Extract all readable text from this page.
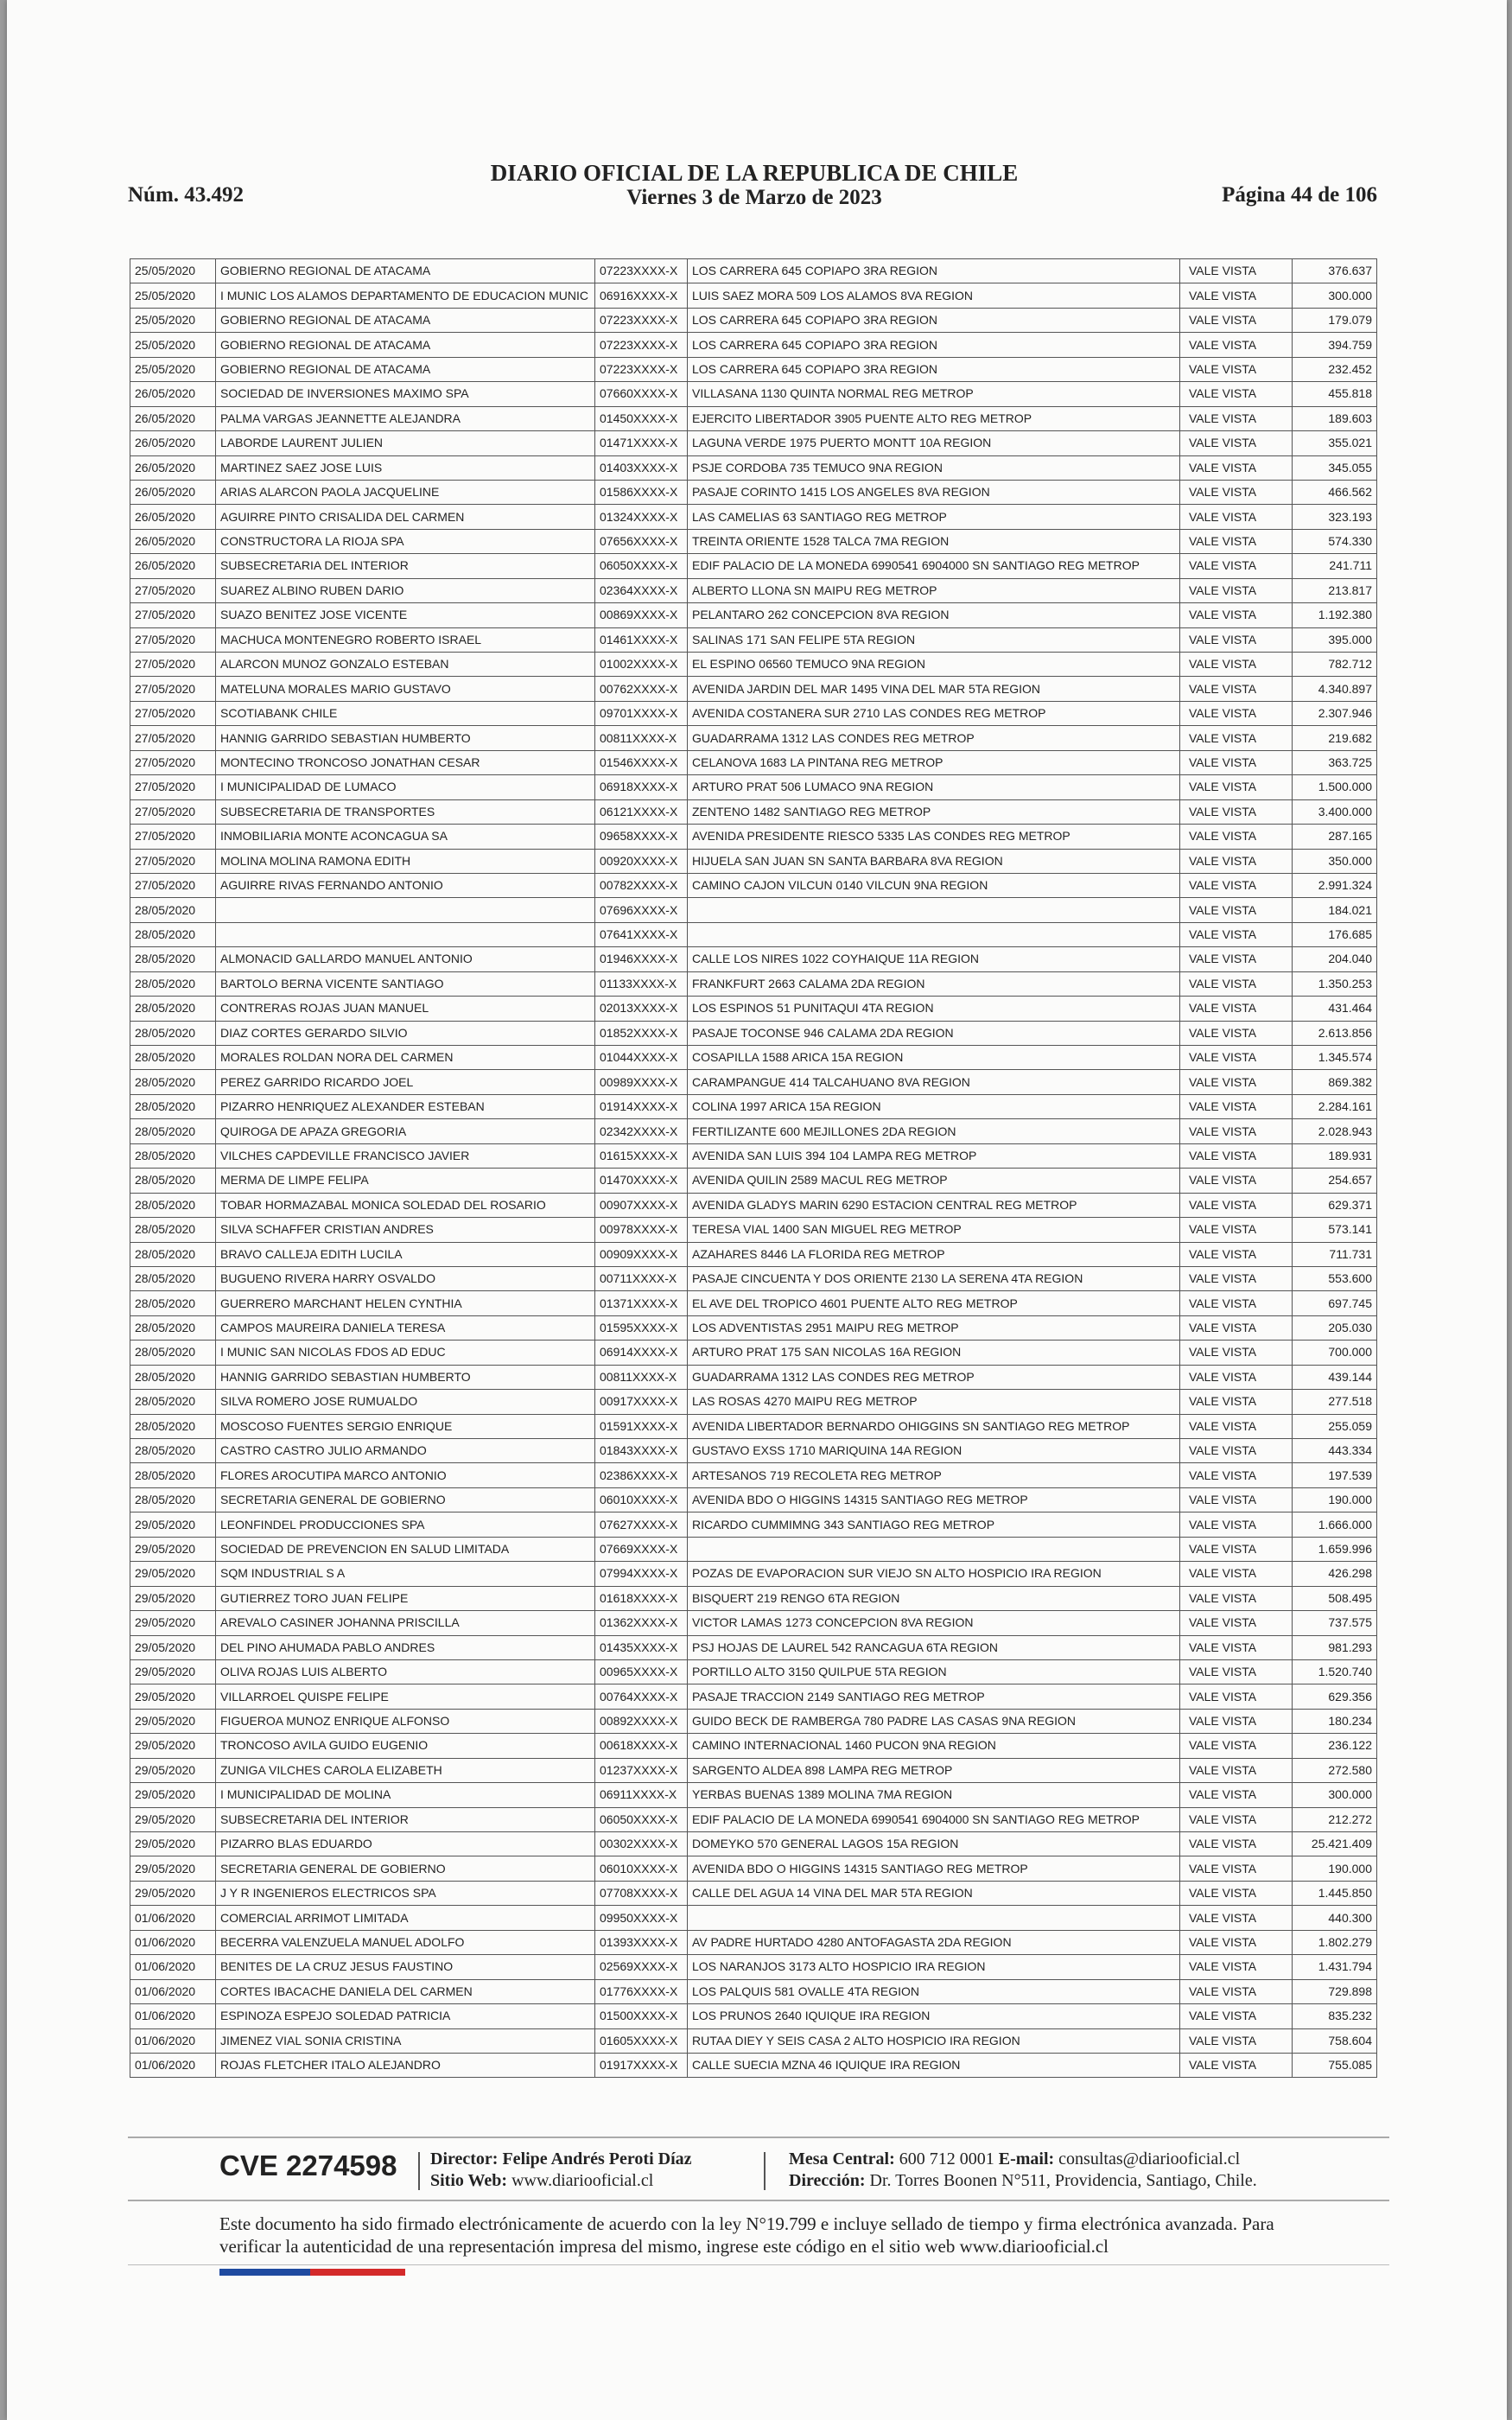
Núm. 43.492
DIARIO OFICIAL DE LA REPUBLICA DE CHILE
Viernes 3 de Marzo de 2023	Página 44 de 106
25/05/2020	GOBIERNO REGIONAL DE ATACAMA	07223XXXX-X	LOS CARRERA 645 COPIAPO 3RA REGION	VALE VISTA	376.637
25/05/2020	I MUNIC LOS ALAMOS DEPARTAMENTO DE EDUCACION MUNIC	06916XXXX-X	LUIS SAEZ MORA 509 LOS ALAMOS 8VA REGION	VALE VISTA	300.000
25/05/2020	GOBIERNO REGIONAL DE ATACAMA	07223XXXX-X	LOS CARRERA 645 COPIAPO 3RA REGION	VALE VISTA	179.079
25/05/2020	GOBIERNO REGIONAL DE ATACAMA	07223XXXX-X	LOS CARRERA 645 COPIAPO 3RA REGION	VALE VISTA	394.759
25/05/2020	GOBIERNO REGIONAL DE ATACAMA	07223XXXX-X	LOS CARRERA 645 COPIAPO 3RA REGION	VALE VISTA	232.452
26/05/2020	SOCIEDAD DE INVERSIONES MAXIMO SPA	07660XXXX-X	VILLASANA 1130 QUINTA NORMAL REG METROP	VALE VISTA	455.818
26/05/2020	PALMA VARGAS JEANNETTE ALEJANDRA	01450XXXX-X	EJERCITO LIBERTADOR 3905 PUENTE ALTO REG METROP	VALE VISTA	189.603
26/05/2020	LABORDE LAURENT JULIEN	01471XXXX-X	LAGUNA VERDE 1975 PUERTO MONTT 10A REGION	VALE VISTA	355.021
26/05/2020	MARTINEZ SAEZ JOSE LUIS	01403XXXX-X	PSJE CORDOBA 735 TEMUCO 9NA REGION	VALE VISTA	345.055
26/05/2020	ARIAS ALARCON PAOLA JACQUELINE	01586XXXX-X	PASAJE CORINTO 1415 LOS ANGELES 8VA REGION	VALE VISTA	466.562
26/05/2020	AGUIRRE PINTO CRISALIDA DEL CARMEN	01324XXXX-X	LAS CAMELIAS 63 SANTIAGO REG METROP	VALE VISTA	323.193
26/05/2020	CONSTRUCTORA LA RIOJA SPA	07656XXXX-X	TREINTA ORIENTE 1528 TALCA 7MA REGION	VALE VISTA	574.330
26/05/2020	SUBSECRETARIA DEL INTERIOR	06050XXXX-X	EDIF PALACIO DE LA MONEDA 6990541 6904000 SN SANTIAGO REG METROP	VALE VISTA	241.711
27/05/2020	SUAREZ ALBINO RUBEN DARIO	02364XXXX-X	ALBERTO LLONA SN MAIPU REG METROP	VALE VISTA	213.817
27/05/2020	SUAZO BENITEZ JOSE VICENTE	00869XXXX-X	PELANTARO 262 CONCEPCION 8VA REGION	VALE VISTA	1.192.380
27/05/2020	MACHUCA MONTENEGRO ROBERTO ISRAEL	01461XXXX-X	SALINAS 171 SAN FELIPE 5TA REGION	VALE VISTA	395.000
27/05/2020	ALARCON MUNOZ GONZALO ESTEBAN	01002XXXX-X	EL ESPINO 06560 TEMUCO 9NA REGION	VALE VISTA	782.712
27/05/2020	MATELUNA MORALES MARIO GUSTAVO	00762XXXX-X	AVENIDA JARDIN DEL MAR 1495 VINA DEL MAR 5TA REGION	VALE VISTA	4.340.897
27/05/2020	SCOTIABANK CHILE	09701XXXX-X	AVENIDA COSTANERA SUR 2710 LAS CONDES REG METROP	VALE VISTA	2.307.946
27/05/2020	HANNIG GARRIDO SEBASTIAN HUMBERTO	00811XXXX-X	GUADARRAMA 1312 LAS CONDES REG METROP	VALE VISTA	219.682
27/05/2020	MONTECINO TRONCOSO JONATHAN CESAR	01546XXXX-X	CELANOVA 1683 LA PINTANA REG METROP	VALE VISTA	363.725
27/05/2020	I MUNICIPALIDAD DE LUMACO	06918XXXX-X	ARTURO PRAT 506 LUMACO 9NA REGION	VALE VISTA	1.500.000
27/05/2020	SUBSECRETARIA DE TRANSPORTES	06121XXXX-X	ZENTENO 1482 SANTIAGO REG METROP	VALE VISTA	3.400.000
27/05/2020	INMOBILIARIA MONTE ACONCAGUA SA	09658XXXX-X	AVENIDA PRESIDENTE RIESCO 5335 LAS CONDES REG METROP	VALE VISTA	287.165
27/05/2020	MOLINA MOLINA RAMONA EDITH	00920XXXX-X	HIJUELA SAN JUAN SN SANTA BARBARA 8VA REGION	VALE VISTA	350.000
27/05/2020	AGUIRRE RIVAS FERNANDO ANTONIO	00782XXXX-X	CAMINO CAJON VILCUN 0140 VILCUN 9NA REGION	VALE VISTA	2.991.324
28/05/2020		07696XXXX-X		VALE VISTA	184.021
28/05/2020		07641XXXX-X		VALE VISTA	176.685
28/05/2020	ALMONACID GALLARDO MANUEL ANTONIO	01946XXXX-X	CALLE LOS NIRES 1022 COYHAIQUE 11A REGION	VALE VISTA	204.040
28/05/2020	BARTOLO BERNA VICENTE SANTIAGO	01133XXXX-X	FRANKFURT 2663 CALAMA 2DA REGION	VALE VISTA	1.350.253
28/05/2020	CONTRERAS ROJAS JUAN MANUEL	02013XXXX-X	LOS ESPINOS 51 PUNITAQUI 4TA REGION	VALE VISTA	431.464
28/05/2020	DIAZ CORTES GERARDO SILVIO	01852XXXX-X	PASAJE TOCONSE 946 CALAMA 2DA REGION	VALE VISTA	2.613.856
28/05/2020	MORALES ROLDAN NORA DEL CARMEN	01044XXXX-X	COSAPILLA 1588 ARICA 15A REGION	VALE VISTA	1.345.574
28/05/2020	PEREZ GARRIDO RICARDO JOEL	00989XXXX-X	CARAMPANGUE 414 TALCAHUANO 8VA REGION	VALE VISTA	869.382
28/05/2020	PIZARRO HENRIQUEZ ALEXANDER ESTEBAN	01914XXXX-X	COLINA 1997 ARICA 15A REGION	VALE VISTA	2.284.161
28/05/2020	QUIROGA DE APAZA GREGORIA	02342XXXX-X	FERTILIZANTE 600 MEJILLONES 2DA REGION	VALE VISTA	2.028.943
28/05/2020	VILCHES CAPDEVILLE FRANCISCO JAVIER	01615XXXX-X	AVENIDA SAN LUIS 394 104 LAMPA REG METROP	VALE VISTA	189.931
28/05/2020	MERMA DE LIMPE FELIPA	01470XXXX-X	AVENIDA QUILIN 2589 MACUL REG METROP	VALE VISTA	254.657
28/05/2020	TOBAR HORMAZABAL MONICA SOLEDAD DEL ROSARIO	00907XXXX-X	AVENIDA GLADYS MARIN 6290 ESTACION CENTRAL REG METROP	VALE VISTA	629.371
28/05/2020	SILVA SCHAFFER CRISTIAN ANDRES	00978XXXX-X	TERESA VIAL 1400 SAN MIGUEL REG METROP	VALE VISTA	573.141
28/05/2020	BRAVO CALLEJA EDITH LUCILA	00909XXXX-X	AZAHARES 8446 LA FLORIDA REG METROP	VALE VISTA	711.731
28/05/2020	BUGUENO RIVERA HARRY OSVALDO	00711XXXX-X	PASAJE CINCUENTA Y DOS ORIENTE 2130 LA SERENA 4TA REGION	VALE VISTA	553.600
28/05/2020	GUERRERO MARCHANT HELEN CYNTHIA	01371XXXX-X	EL AVE DEL TROPICO 4601 PUENTE ALTO REG METROP	VALE VISTA	697.745
28/05/2020	CAMPOS MAUREIRA DANIELA TERESA	01595XXXX-X	LOS ADVENTISTAS 2951 MAIPU REG METROP	VALE VISTA	205.030
28/05/2020	I MUNIC SAN NICOLAS FDOS AD EDUC	06914XXXX-X	ARTURO PRAT 175 SAN NICOLAS 16A REGION	VALE VISTA	700.000
28/05/2020	HANNIG GARRIDO SEBASTIAN HUMBERTO	00811XXXX-X	GUADARRAMA 1312 LAS CONDES REG METROP	VALE VISTA	439.144
28/05/2020	SILVA ROMERO JOSE RUMUALDO	00917XXXX-X	LAS ROSAS 4270 MAIPU REG METROP	VALE VISTA	277.518
28/05/2020	MOSCOSO FUENTES SERGIO ENRIQUE	01591XXXX-X	AVENIDA LIBERTADOR BERNARDO OHIGGINS SN SANTIAGO REG METROP	VALE VISTA	255.059
28/05/2020	CASTRO CASTRO JULIO ARMANDO	01843XXXX-X	GUSTAVO EXSS 1710 MARIQUINA 14A REGION	VALE VISTA	443.334
28/05/2020	FLORES AROCUTIPA MARCO ANTONIO	02386XXXX-X	ARTESANOS 719 RECOLETA REG METROP	VALE VISTA	197.539
28/05/2020	SECRETARIA GENERAL DE GOBIERNO	06010XXXX-X	AVENIDA BDO O HIGGINS 14315 SANTIAGO REG METROP	VALE VISTA	190.000
29/05/2020	LEONFINDEL PRODUCCIONES SPA	07627XXXX-X	RICARDO CUMMIMNG 343 SANTIAGO REG METROP	VALE VISTA	1.666.000
29/05/2020	SOCIEDAD DE PREVENCION EN SALUD LIMITADA	07669XXXX-X		VALE VISTA	1.659.996
29/05/2020	SQM INDUSTRIAL S A	07994XXXX-X	POZAS DE EVAPORACION SUR VIEJO SN ALTO HOSPICIO IRA REGION	VALE VISTA	426.298
29/05/2020	GUTIERREZ TORO JUAN FELIPE	01618XXXX-X	BISQUERT 219 RENGO 6TA REGION	VALE VISTA	508.495
29/05/2020	AREVALO CASINER JOHANNA PRISCILLA	01362XXXX-X	VICTOR LAMAS 1273 CONCEPCION 8VA REGION	VALE VISTA	737.575
29/05/2020	DEL PINO AHUMADA PABLO ANDRES	01435XXXX-X	PSJ HOJAS DE LAUREL 542 RANCAGUA 6TA REGION	VALE VISTA	981.293
29/05/2020	OLIVA ROJAS LUIS ALBERTO	00965XXXX-X	PORTILLO ALTO 3150 QUILPUE 5TA REGION	VALE VISTA	1.520.740
29/05/2020	VILLARROEL QUISPE FELIPE	00764XXXX-X	PASAJE TRACCION 2149 SANTIAGO REG METROP	VALE VISTA	629.356
29/05/2020	FIGUEROA MUNOZ ENRIQUE ALFONSO	00892XXXX-X	GUIDO BECK DE RAMBERGA 780 PADRE LAS CASAS 9NA REGION	VALE VISTA	180.234
29/05/2020	TRONCOSO AVILA GUIDO EUGENIO	00618XXXX-X	CAMINO INTERNACIONAL 1460 PUCON 9NA REGION	VALE VISTA	236.122
29/05/2020	ZUNIGA VILCHES CAROLA ELIZABETH	01237XXXX-X	SARGENTO ALDEA 898 LAMPA REG METROP	VALE VISTA	272.580
29/05/2020	I MUNICIPALIDAD DE MOLINA	06911XXXX-X	YERBAS BUENAS 1389 MOLINA 7MA REGION	VALE VISTA	300.000
29/05/2020	SUBSECRETARIA DEL INTERIOR	06050XXXX-X	EDIF PALACIO DE LA MONEDA 6990541 6904000 SN SANTIAGO REG METROP	VALE VISTA	212.272
29/05/2020	PIZARRO BLAS EDUARDO	00302XXXX-X	DOMEYKO 570 GENERAL LAGOS 15A REGION	VALE VISTA	25.421.409
29/05/2020	SECRETARIA GENERAL DE GOBIERNO	06010XXXX-X	AVENIDA BDO O HIGGINS 14315 SANTIAGO REG METROP	VALE VISTA	190.000
29/05/2020	J Y R INGENIEROS ELECTRICOS SPA	07708XXXX-X	CALLE DEL AGUA 14 VINA DEL MAR 5TA REGION	VALE VISTA	1.445.850
01/06/2020	COMERCIAL ARRIMOT LIMITADA	09950XXXX-X		VALE VISTA	440.300
01/06/2020	BECERRA VALENZUELA MANUEL ADOLFO	01393XXXX-X	AV PADRE HURTADO 4280 ANTOFAGASTA 2DA REGION	VALE VISTA	1.802.279
01/06/2020	BENITES DE LA CRUZ JESUS FAUSTINO	02569XXXX-X	LOS NARANJOS 3173 ALTO HOSPICIO IRA REGION	VALE VISTA	1.431.794
01/06/2020	CORTES IBACACHE DANIELA DEL CARMEN	01776XXXX-X	LOS PALQUIS 581 OVALLE 4TA REGION	VALE VISTA	729.898
01/06/2020	ESPINOZA ESPEJO SOLEDAD PATRICIA	01500XXXX-X	LOS PRUNOS 2640 IQUIQUE IRA REGION	VALE VISTA	835.232
01/06/2020	JIMENEZ VIAL SONIA CRISTINA	01605XXXX-X	RUTAA DIEY Y SEIS CASA 2 ALTO HOSPICIO IRA REGION	VALE VISTA	758.604
01/06/2020	ROJAS FLETCHER ITALO ALEJANDRO	01917XXXX-X	CALLE SUECIA MZNA 46 IQUIQUE IRA REGION	VALE VISTA	755.085
CVE 2274598 Director: Felipe Andrés Peroti Díaz
Sitio Web: www.diariooficial.cl
Mesa Central: 600 712 0001 E-mail: consultas@diariooficial.cl
Dirección: Dr. Torres Boonen N°511, Providencia, Santiago, Chile.
Este documento ha sido firmado electrónicamente de acuerdo con la ley N°19.799 e incluye sellado de tiempo y firma electrónica avanzada. Para verificar la autenticidad de una representación impresa del mismo, ingrese este código en el sitio web www.diariooficial.cl
